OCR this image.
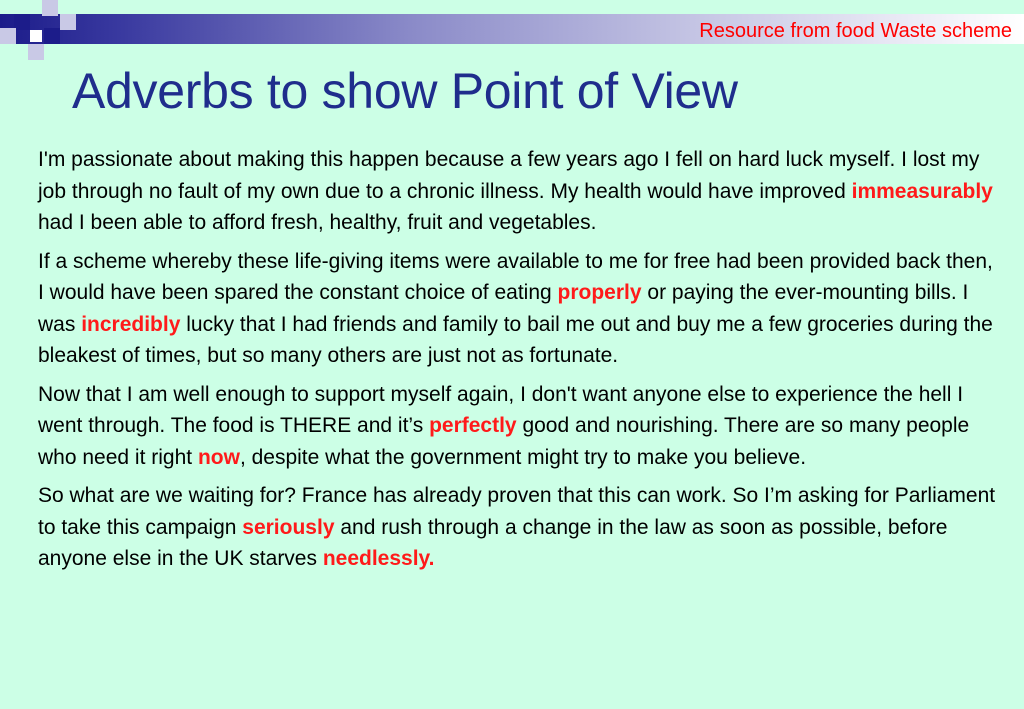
Resource from food Waste scheme
Adverbs to show Point of View

I'm passionate about making this happen because a few years ago I fell on hard luck myself. I lost my job through no fault of my own due to a chronic illness. My health would have improved immeasurably had I been able to afford fresh, healthy, fruit and vegetables.

If a scheme whereby these life-giving items were available to me for free had been provided back then, I would have been spared the constant choice of eating properly or paying the ever-mounting bills. I was incredibly lucky that I had friends and family to bail me out and buy me a few groceries during the bleakest of times, but so many others are just not as fortunate.

Now that I am well enough to support myself again, I don't want anyone else to experience the hell I went through. The food is THERE and it’s perfectly good and nourishing. There are so many people who need it right now, despite what the government might try to make you believe.

So what are we waiting for? France has already proven that this can work. So I’m asking for Parliament to take this campaign seriously and rush through a change in the law as soon as possible, before anyone else in the UK starves needlessly.
